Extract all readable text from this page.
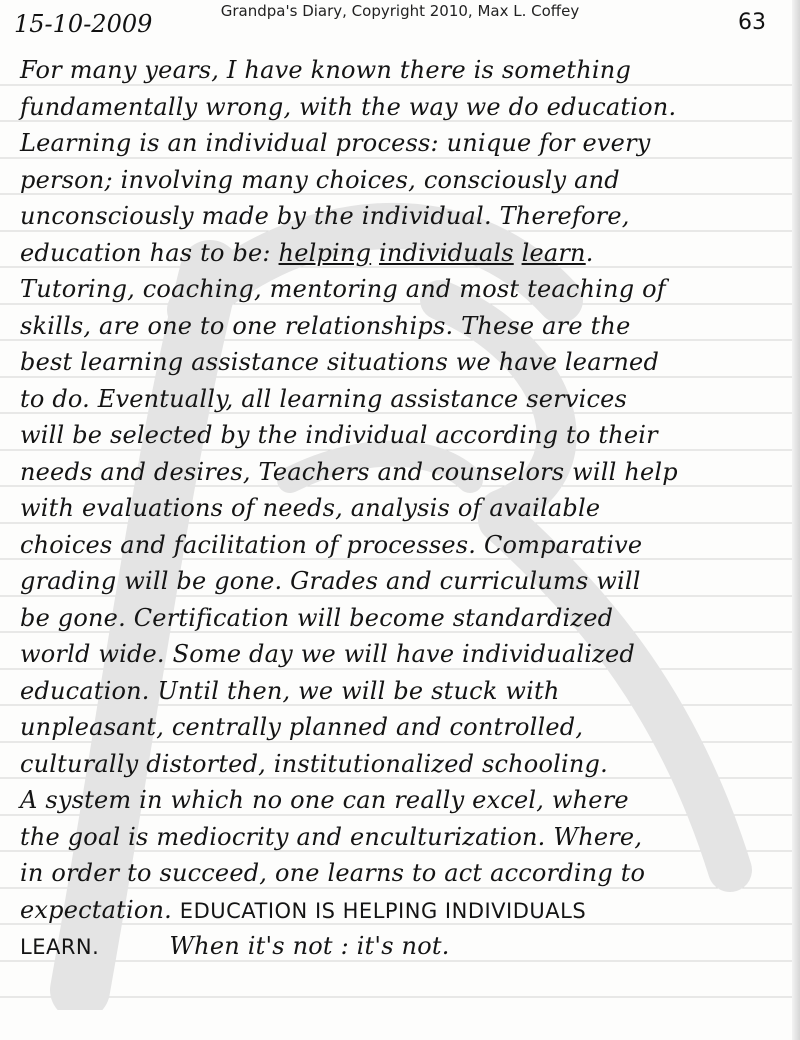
Grandpa's Diary, Copyright 2010, Max L. Coffey
15-10-2009	63
For many years, I have known there is something
fundamentally wrong, with the way we do education.
Learning is an individual process: unique for every
person; involving many choices, consciously and
unconsciously made by the individual. Therefore,
education has to be: helping individuals learn.
Tutoring, coaching, mentoring and most teaching of
skills, are one to one relationships. These are the
best learning assistance situations we have learned
to do. Eventually, all learning assistance services
will be selected by the individual according to their
needs and desires, Teachers and counselors will help
with evaluations of needs, analysis of available
choices and facilitation of processes. Comparative
grading will be gone. Grades and curriculums will
be gone. Certification will become standardized
world wide. Some day we will have individualized
education. Until then, we will be stuck with
unpleasant, centrally planned and controlled,
culturally distorted, institutionalized schooling.
A system in which no one can really excel, where
the goal is mediocrity and enculturization. Where,
in order to succeed, one learns to act according to
expectation. EDUCATION IS HELPING INDIVIDUALS
LEARN.	When it's not : it's not.
